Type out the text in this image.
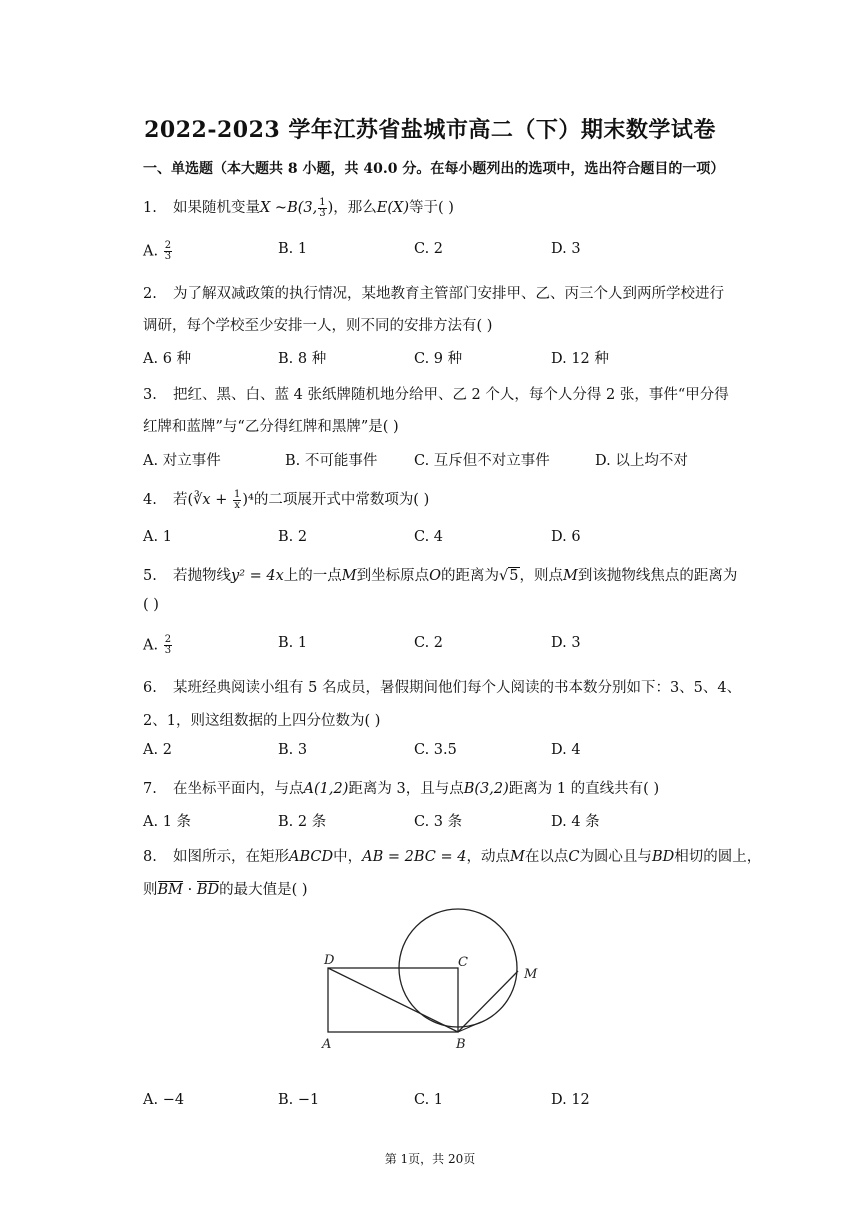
2022-2023 学年江苏省盐城市高二（下）期末数学试卷
一、单选题（本大题共 8 小题，共 40.0 分。在每小题列出的选项中，选出符合题目的一项）
1. 如果随机变量X ~B(3, $\frac{1}{3}$ )，那么E(X)等于( )
A. $\frac{2}{3}$	B. 1	C. 2	D. 3
2. 为了解双减政策的执行情况，某地教育主管部门安排甲、乙、丙三个人到两所学校进行
调研，每个学校至少安排一人，则不同的安排方法有( )
A. 6 种	B. 8 种	C. 9 种	D. 12 种
3. 把红、黑、白、蓝 4 张纸牌随机地分给甲、乙 2 个人，每个人分得 2 张，事件“甲分得
红牌和蓝牌”与“乙分得红牌和黑牌”是( )
A. 对立事件	B. 不可能事件	C. 互斥但不对立事件	D. 以上均不对
4. 若(∛x + $\frac{1}{x} )^4$的二项展开式中常数项为( )
A. 1	B. 2	C. 4	D. 6
5. 若抛物线y² = 4x上的一点M到坐标原点O的距离为√5，则点M到该抛物线焦点的距离为
( )
A. $\frac{2}{3}$	B. 1	C. 2	D. 3
6. 某班经典阅读小组有 5 名成员，暑假期间他们每个人阅读的书本数分别如下：3、5、4、
2、1，则这组数据的上四分位数为( )
A. 2	B. 3	C. 3.5	D. 4
7. 在坐标平面内，与点A(1,2)距离为 3，且与点B(3,2)距离为 1 的直线共有( )
A. 1 条	B. 2 条	C. 3 条	D. 4 条
8. 如图所示，在矩形ABCD中，AB = 2BC = 4，动点M在以点C为圆心且与BD相切的圆上，
则BM · BD的最大值是( )
D	C
A	B
M
A. −4	B. −1	C. 1	D. 12
第 1页，共 20页
